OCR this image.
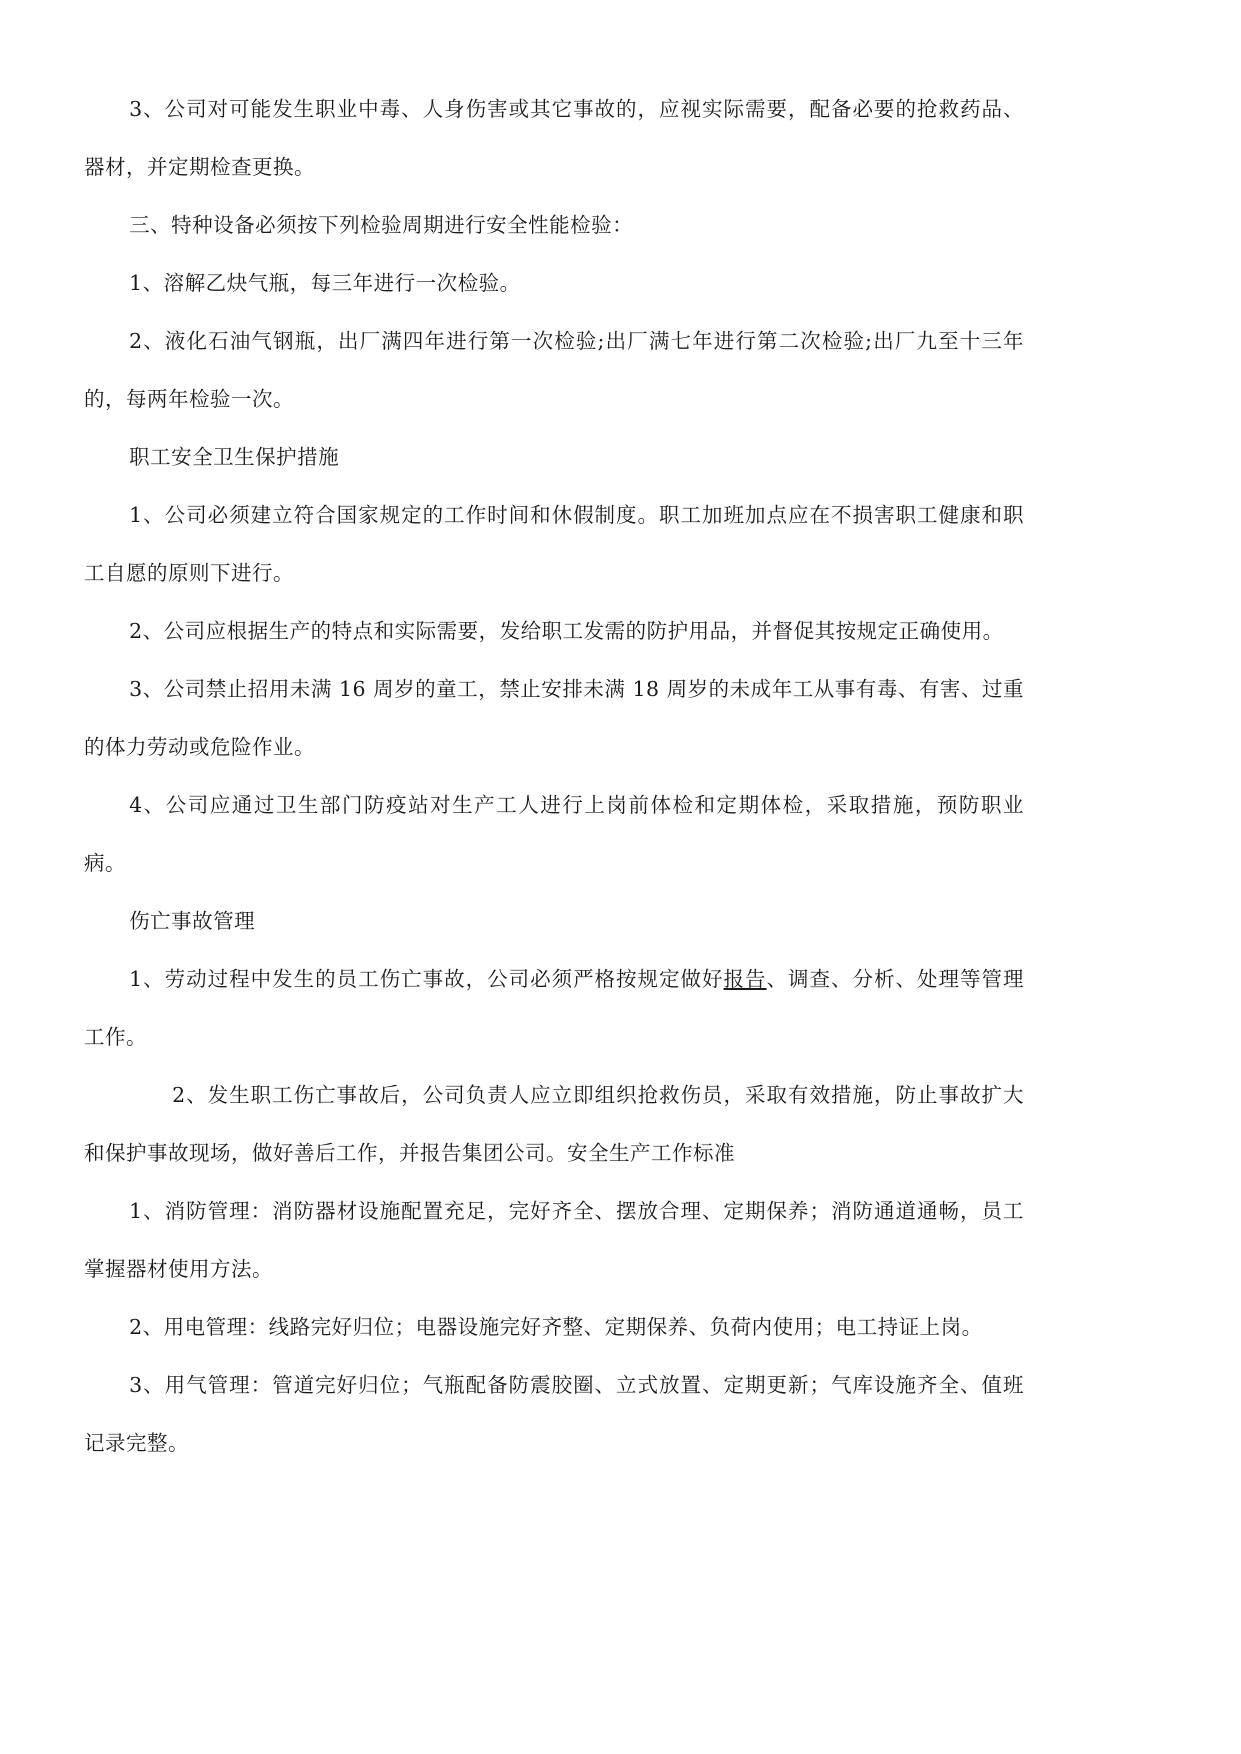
3、公司对可能发生职业中毒、人身伤害或其它事故的，应视实际需要，配备必要的抢救药品、器材，并定期检查更换。

三、特种设备必须按下列检验周期进行安全性能检验：

1、溶解乙炔气瓶，每三年进行一次检验。

2、液化石油气钢瓶，出厂满四年进行第一次检验;出厂满七年进行第二次检验;出厂九至十三年的，每两年检验一次。

职工安全卫生保护措施

1、公司必须建立符合国家规定的工作时间和休假制度。职工加班加点应在不损害职工健康和职工自愿的原则下进行。

2、公司应根据生产的特点和实际需要，发给职工发需的防护用品，并督促其按规定正确使用。

3、公司禁止招用未满 16 周岁的童工，禁止安排未满 18 周岁的未成年工从事有毒、有害、过重的体力劳动或危险作业。

4、公司应通过卫生部门防疫站对生产工人进行上岗前体检和定期体检，采取措施，预防职业病。

伤亡事故管理

1、劳动过程中发生的员工伤亡事故，公司必须严格按规定做好报告、调查、分析、处理等管理工作。

2、发生职工伤亡事故后，公司负责人应立即组织抢救伤员，采取有效措施，防止事故扩大和保护事故现场，做好善后工作，并报告集团公司。安全生产工作标准

1、消防管理：消防器材设施配置充足，完好齐全、摆放合理、定期保养；消防通道通畅，员工掌握器材使用方法。

2、用电管理：线路完好归位；电器设施完好齐整、定期保养、负荷内使用；电工持证上岗。

3、用气管理：管道完好归位；气瓶配备防震胶圈、立式放置、定期更新；气库设施齐全、值班记录完整。
